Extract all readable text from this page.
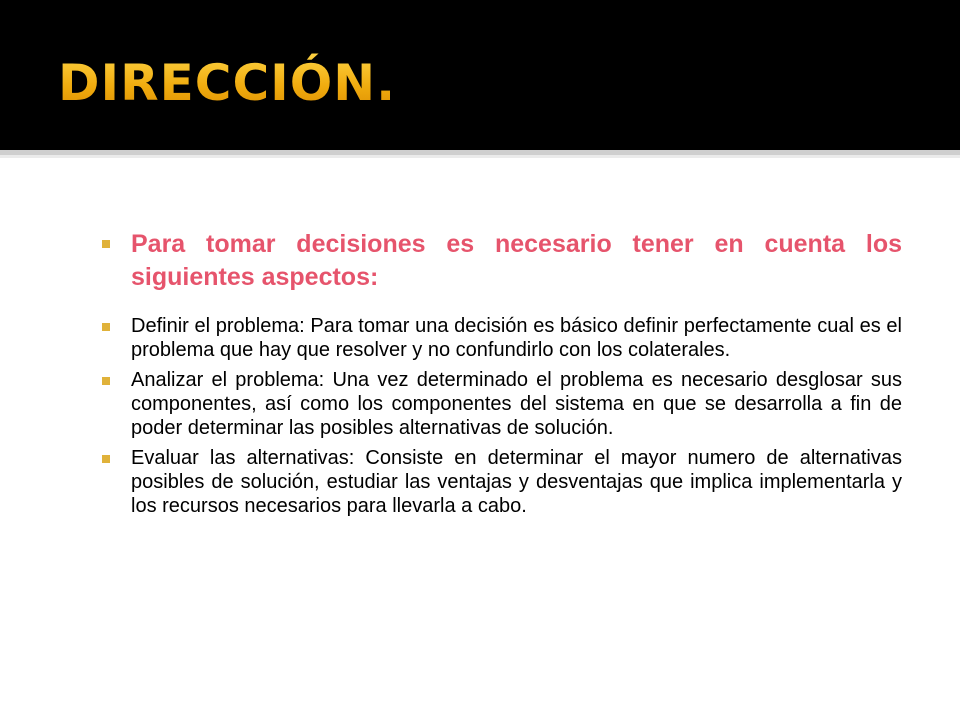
DIRECCIÓN.
Para tomar decisiones es necesario tener en cuenta los siguientes aspectos:
Definir el problema: Para tomar una decisión es básico definir perfectamente cual es el problema que hay que resolver y no confundirlo con los colaterales.
Analizar el problema: Una vez determinado el problema es necesario desglosar sus componentes, así como los componentes del sistema en que se desarrolla a fin de poder determinar las posibles alternativas de solución.
Evaluar las alternativas: Consiste en determinar el mayor numero de alternativas posibles de solución, estudiar las ventajas y desventajas que implica implementarla y los recursos necesarios para llevarla a cabo.
